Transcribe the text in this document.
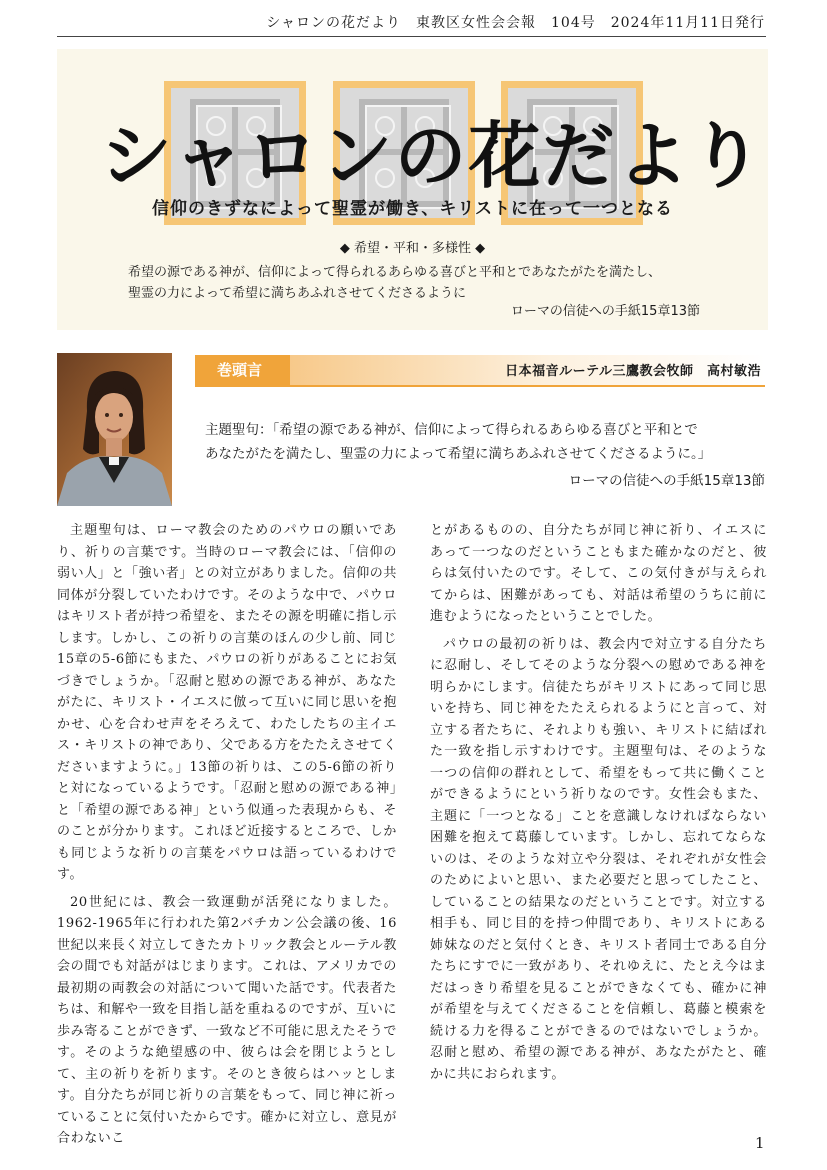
シャロンの花だより　東教区女性会会報　104号　2024年11月11日発行
シャロンの花だより
信仰のきずなによって聖霊が働き、キリストに在って一つとなる
◆ 希望・平和・多様性 ◆
希望の源である神が、信仰によって得られるあらゆる喜びと平和とであなたがたを満たし、
聖霊の力によって希望に満ちあふれさせてくださるように
ローマの信徒への手紙15章13節
巻頭言	日本福音ルーテル三鷹教会牧師　高村敏浩
主題聖句：「希望の源である神が、信仰によって得られるあらゆる喜びと平和とで
あなたがたを満たし、聖霊の力によって希望に満ちあふれさせてくださるように。」
ローマの信徒への手紙15章13節

主題聖句は、ローマ教会のためのパウロの願いであり、祈りの言葉です。当時のローマ教会には、「信仰の弱い人」と「強い者」との対立がありました。信仰の共同体が分裂していたわけです。そのような中で、パウロはキリスト者が持つ希望を、またその源を明確に指し示します。しかし、この祈りの言葉のほんの少し前、同じ15章の5-6節にもまた、パウロの祈りがあることにお気づきでしょうか。「忍耐と慰めの源である神が、あなたがたに、キリスト・イエスに倣って互いに同じ思いを抱かせ、心を合わせ声をそろえて、わたしたちの主イエス・キリストの神であり、父である方をたたえさせてくださいますように。」13節の祈りは、この5-6節の祈りと対になっているようです。「忍耐と慰めの源である神」と「希望の源である神」という似通った表現からも、そのことが分かります。これほど近接するところで、しかも同じような祈りの言葉をパウロは語っているわけです。

20世紀には、教会一致運動が活発になりました。1962-1965年に行われた第2バチカン公会議の後、16世紀以来長く対立してきたカトリック教会とルーテル教会の間でも対話がはじまります。これは、アメリカでの最初期の両教会の対話について聞いた話です。代表者たちは、和解や一致を目指し話を重ねるのですが、互いに歩み寄ることができず、一致など不可能に思えたそうです。そのような絶望感の中、彼らは会を閉じようとして、主の祈りを祈ります。そのとき彼らはハッとします。自分たちが同じ祈りの言葉をもって、同じ神に祈っていることに気付いたからです。確かに対立し、意見が合わないこ

とがあるものの、自分たちが同じ神に祈り、イエスにあって一つなのだということもまた確かなのだと、彼らは気付いたのです。そして、この気付きが与えられてからは、困難があっても、対話は希望のうちに前に進むようになったということでした。

パウロの最初の祈りは、教会内で対立する自分たちに忍耐し、そしてそのような分裂への慰めである神を明らかにします。信徒たちがキリストにあって同じ思いを持ち、同じ神をたたえられるようにと言って、対立する者たちに、それよりも強い、キリストに結ばれた一致を指し示すわけです。主題聖句は、そのような一つの信仰の群れとして、希望をもって共に働くことができるようにという祈りなのです。女性会もまた、主題に「一つとなる」ことを意識しなければならない困難を抱えて葛藤しています。しかし、忘れてならないのは、そのような対立や分裂は、それぞれが女性会のためによいと思い、また必要だと思ってしたこと、していることの結果なのだということです。対立する相手も、同じ目的を持つ仲間であり、キリストにある姉妹なのだと気付くとき、キリスト者同士である自分たちにすでに一致があり、それゆえに、たとえ今はまだはっきり希望を見ることができなくても、確かに神が希望を与えてくださることを信頼し、葛藤と模索を続ける力を得ることができるのではないでしょうか。忍耐と慰め、希望の源である神が、あなたがたと、確かに共におられます。

1
